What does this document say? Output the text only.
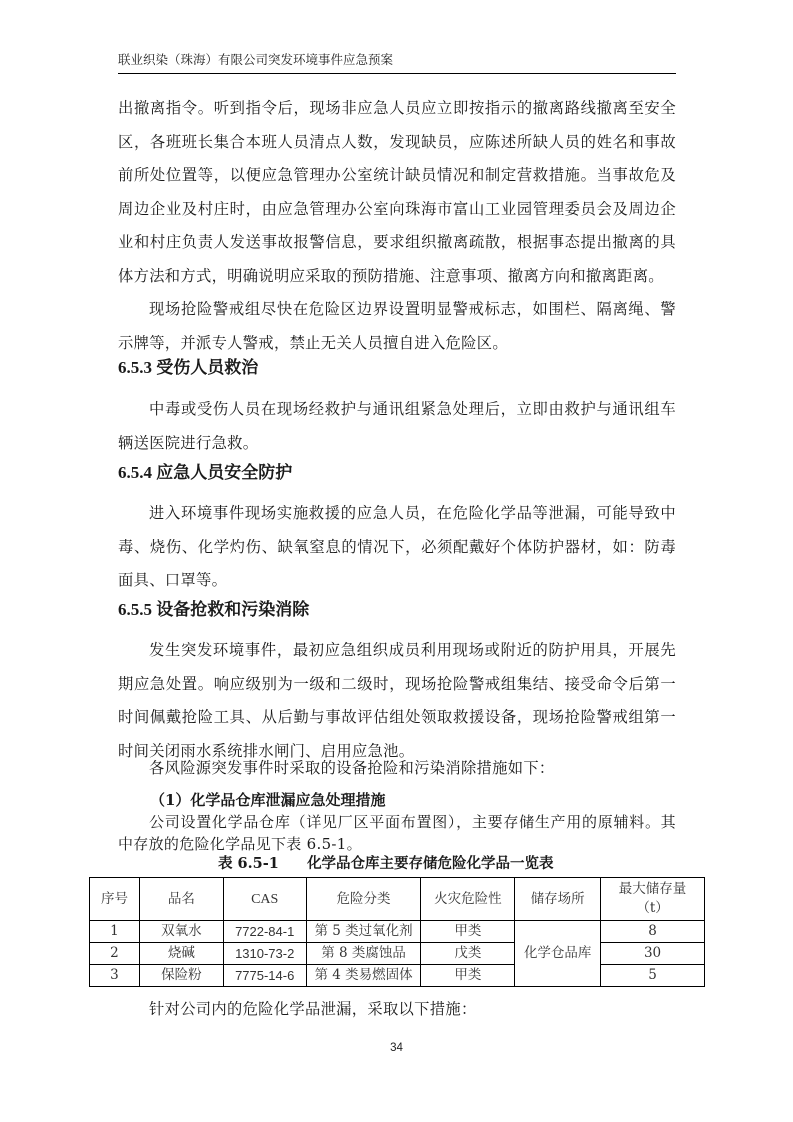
联业织染（珠海）有限公司突发环境事件应急预案

出撤离指令。听到指令后，现场非应急人员应立即按指示的撤离路线撤离至安全区，各班班长集合本班人员清点人数，发现缺员，应陈述所缺人员的姓名和事故前所处位置等，以便应急管理办公室统计缺员情况和制定营救措施。当事故危及周边企业及村庄时，由应急管理办公室向珠海市富山工业园管理委员会及周边企业和村庄负责人发送事故报警信息，要求组织撤离疏散，根据事态提出撤离的具体方法和方式，明确说明应采取的预防措施、注意事项、撤离方向和撤离距离。

现场抢险警戒组尽快在危险区边界设置明显警戒标志，如围栏、隔离绳、警示牌等，并派专人警戒，禁止无关人员擅自进入危险区。

6.5.3 受伤人员救治

中毒或受伤人员在现场经救护与通讯组紧急处理后，立即由救护与通讯组车辆送医院进行急救。

6.5.4 应急人员安全防护

进入环境事件现场实施救援的应急人员，在危险化学品等泄漏，可能导致中毒、烧伤、化学灼伤、缺氧窒息的情况下，必须配戴好个体防护器材，如：防毒面具、口罩等。

6.5.5 设备抢救和污染消除

发生突发环境事件，最初应急组织成员利用现场或附近的防护用具，开展先期应急处置。响应级别为一级和二级时，现场抢险警戒组集结、接受命令后第一时间佩戴抢险工具、从后勤与事故评估组处领取救援设备，现场抢险警戒组第一时间关闭雨水系统排水闸门、启用应急池。

各风险源突发事件时采取的设备抢险和污染消除措施如下：

（1）化学品仓库泄漏应急处理措施

公司设置化学品仓库（详见厂区平面布置图），主要存储生产用的原辅料。其中存放的危险化学品见下表 6.5-1。

表 6.5-1 化学品仓库主要存储危险化学品一览表
序号	品名	CAS	危险分类	火灾危险性	储存场所	最大储存量
（t）

1	双氧水	7722-84-1	第 5 类过氧化剂	甲类	化学仓品库	8
2	烧碱	1310-73-2	第 8 类腐蚀品	戊类		30
3	保险粉	7775-14-6	第 4 类易燃固体	甲类		5

针对公司内的危险化学品泄漏，采取以下措施：

34
